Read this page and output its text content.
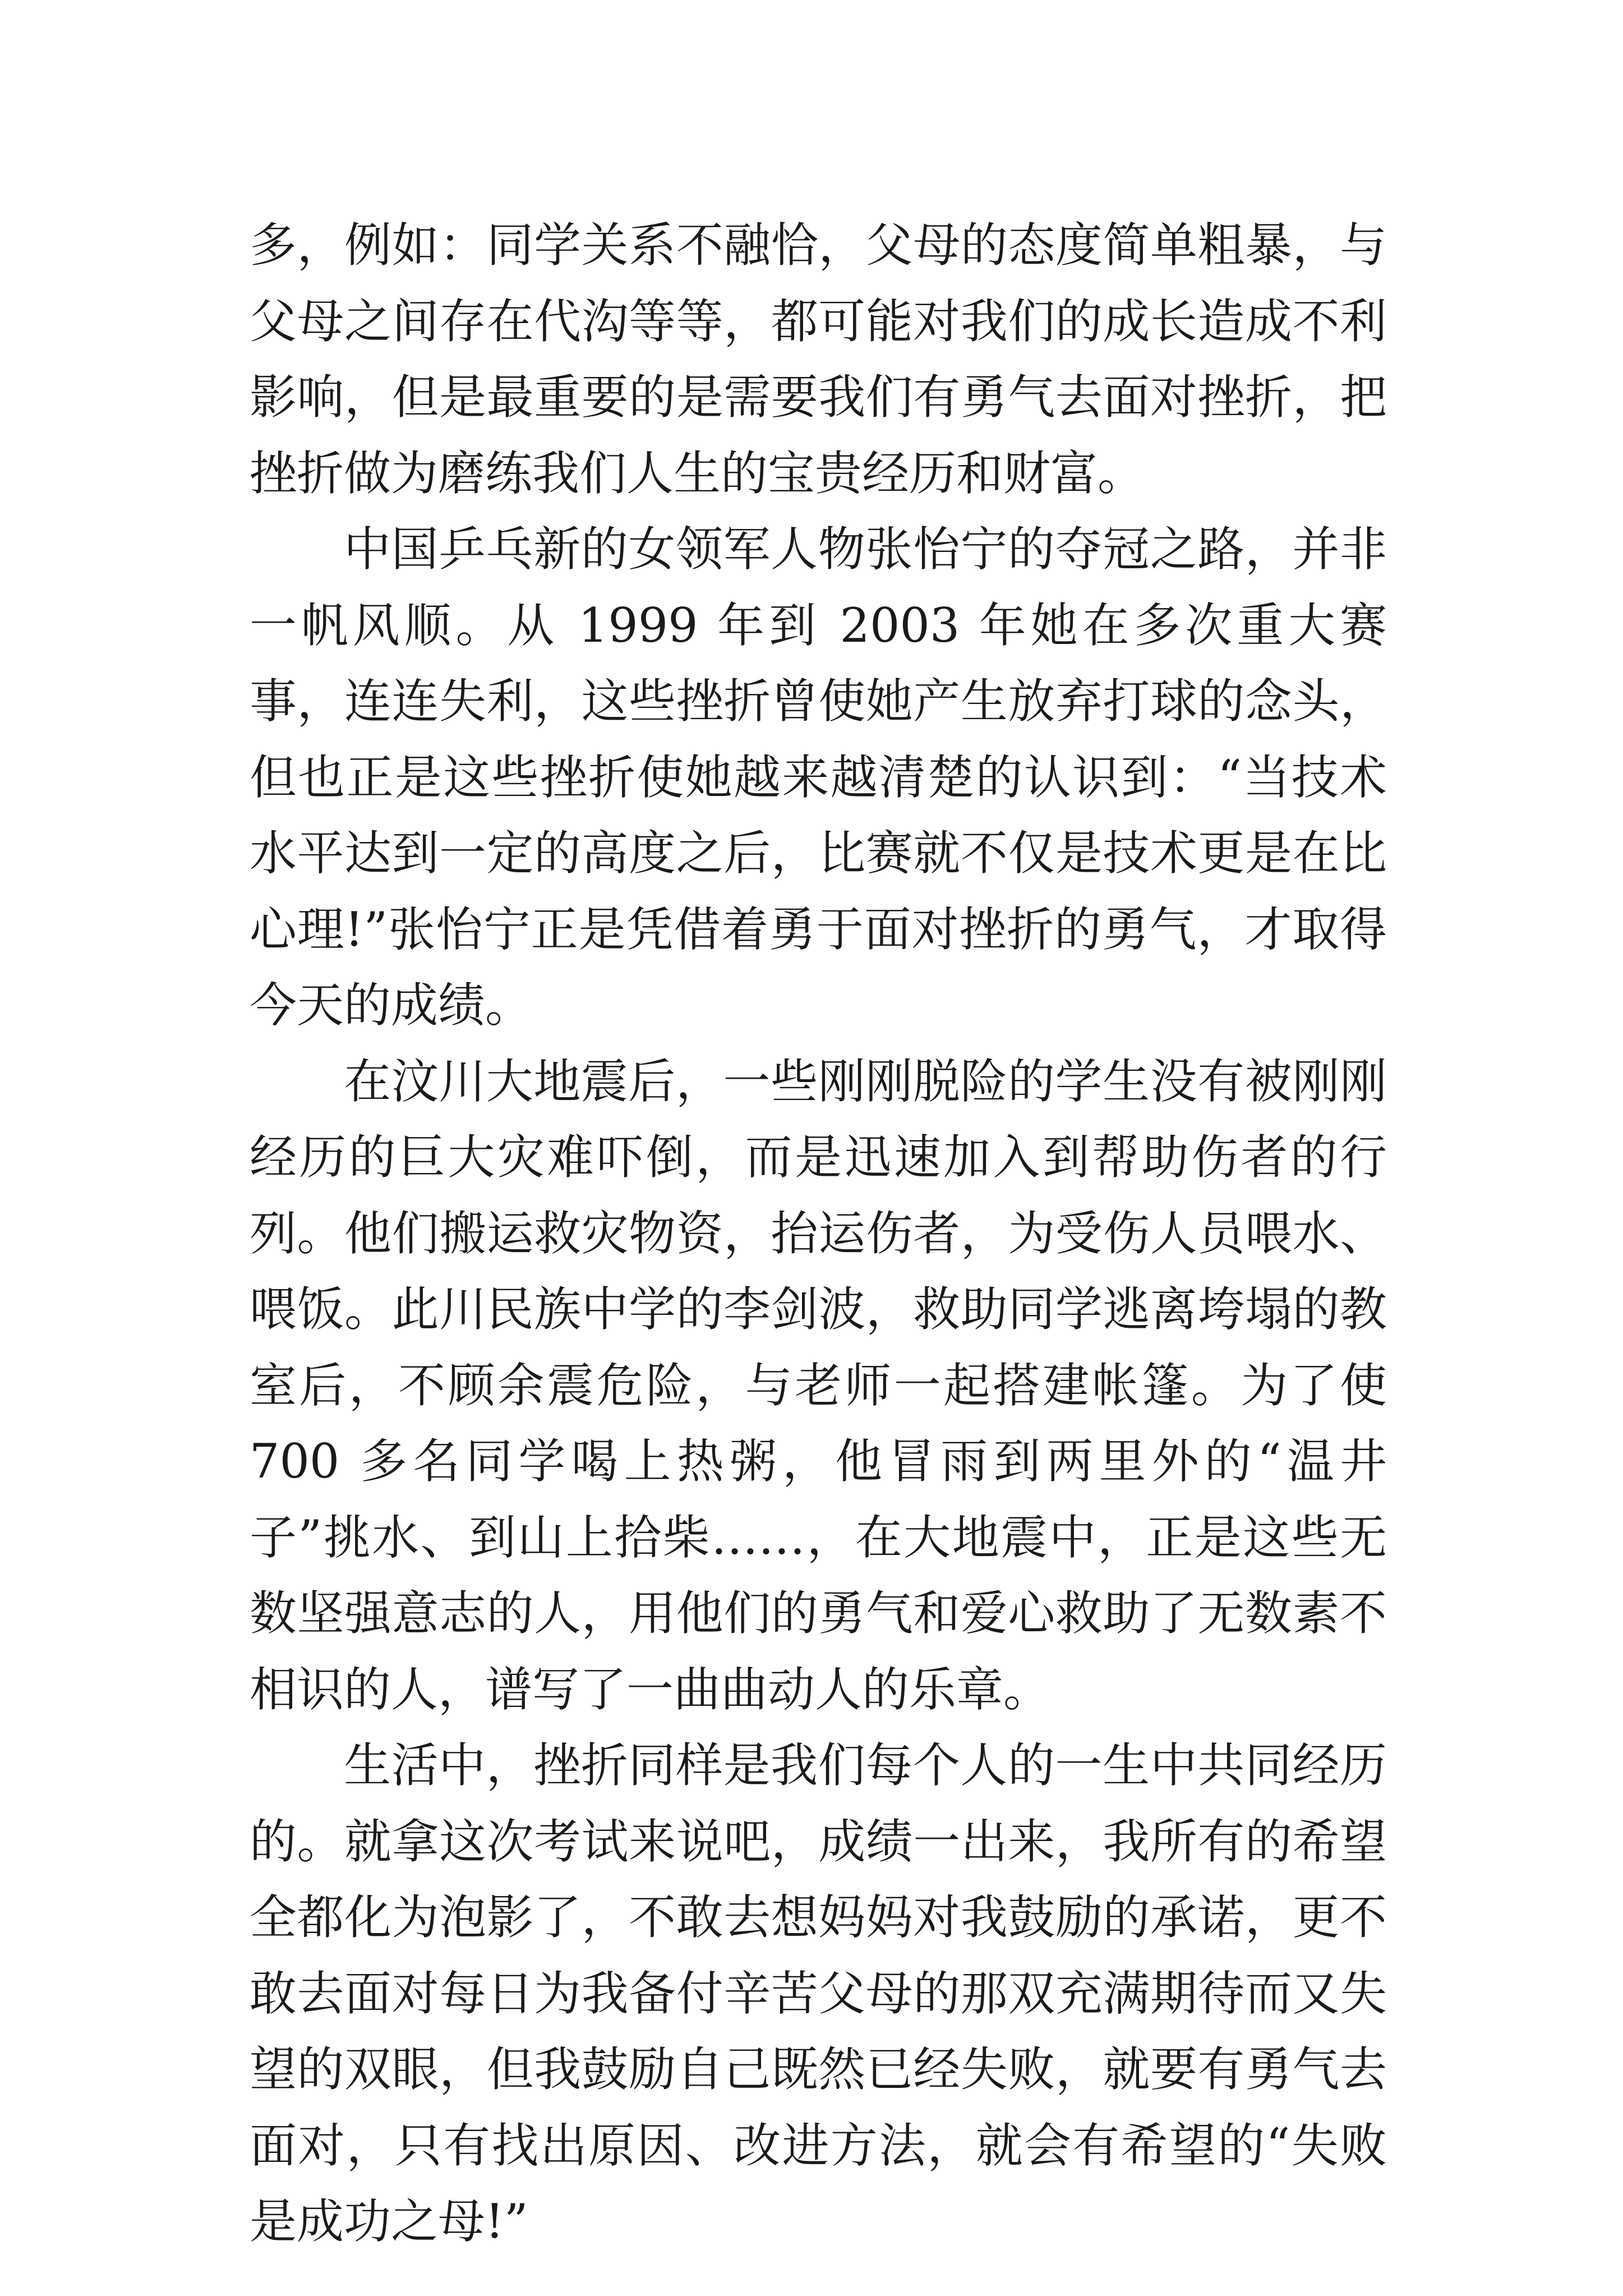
多，例如：同学关系不融恰，父母的态度简单粗暴，与父母之间存在代沟等等，都可能对我们的成长造成不利影响，但是最重要的是需要我们有勇气去面对挫折，把挫折做为磨练我们人生的宝贵经历和财富。

中国乒乓新的女领军人物张怡宁的夺冠之路，并非一帆风顺。从 1999 年到 2003 年她在多次重大赛事，连连失利，这些挫折曾使她产生放弃打球的念头，但也正是这些挫折使她越来越清楚的认识到：“当技术水平达到一定的高度之后，比赛就不仅是技术更是在比心理!”张怡宁正是凭借着勇于面对挫折的勇气，才取得今天的成绩。

在汶川大地震后，一些刚刚脱险的学生没有被刚刚经历的巨大灾难吓倒，而是迅速加入到帮助伤者的行列。他们搬运救灾物资，抬运伤者，为受伤人员喂水、喂饭。此川民族中学的李剑波，救助同学逃离垮塌的教室后，不顾余震危险，与老师一起搭建帐篷。为了使 700 多名同学喝上热粥，他冒雨到两里外的“温井子”挑水、到山上拾柴……，在大地震中，正是这些无数坚强意志的人，用他们的勇气和爱心救助了无数素不相识的人，谱写了一曲曲动人的乐章。

生活中，挫折同样是我们每个人的一生中共同经历的。就拿这次考试来说吧，成绩一出来，我所有的希望全都化为泡影了，不敢去想妈妈对我鼓励的承诺，更不敢去面对每日为我备付辛苦父母的那双充满期待而又失望的双眼，但我鼓励自己既然已经失败，就要有勇气去面对，只有找出原因、改进方法，就会有希望的“失败是成功之母!”
